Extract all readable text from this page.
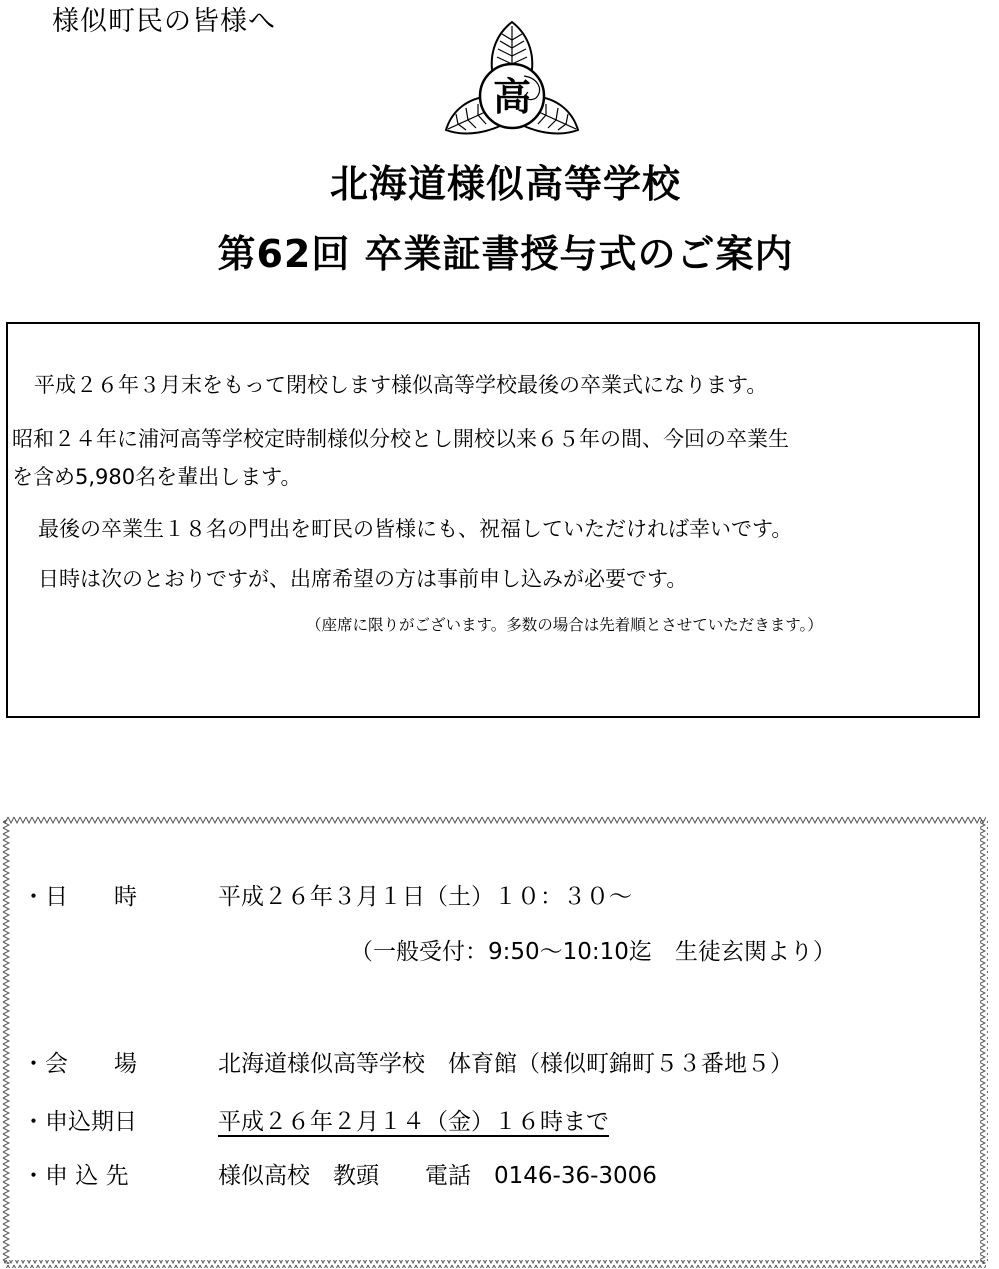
様似町民の皆様へ
高
北海道様似高等学校
第62回 卒業証書授与式のご案内
平成２６年３月末をもって閉校します様似高等学校最後の卒業式になります。
昭和２４年に浦河高等学校定時制様似分校とし開校以来６５年の間、今回の卒業生
を含め5,980名を輩出します。
最後の卒業生１８名の門出を町民の皆様にも、祝福していただければ幸いです。
日時は次のとおりですが、出席希望の方は事前申し込みが必要です。
（座席に限りがございます。多数の場合は先着順とさせていただきます。）
・日　　時	平成２６年３月１日（土）１０：３０～
（一般受付：9:50～10:10迄　生徒玄関より）
・会　　場	北海道様似高等学校　体育館（様似町錦町５３番地５）
・申込期日	平成２６年２月１４（金）１６時まで
・申 込 先	様似高校　教頭　　電話　0146-36-3006
